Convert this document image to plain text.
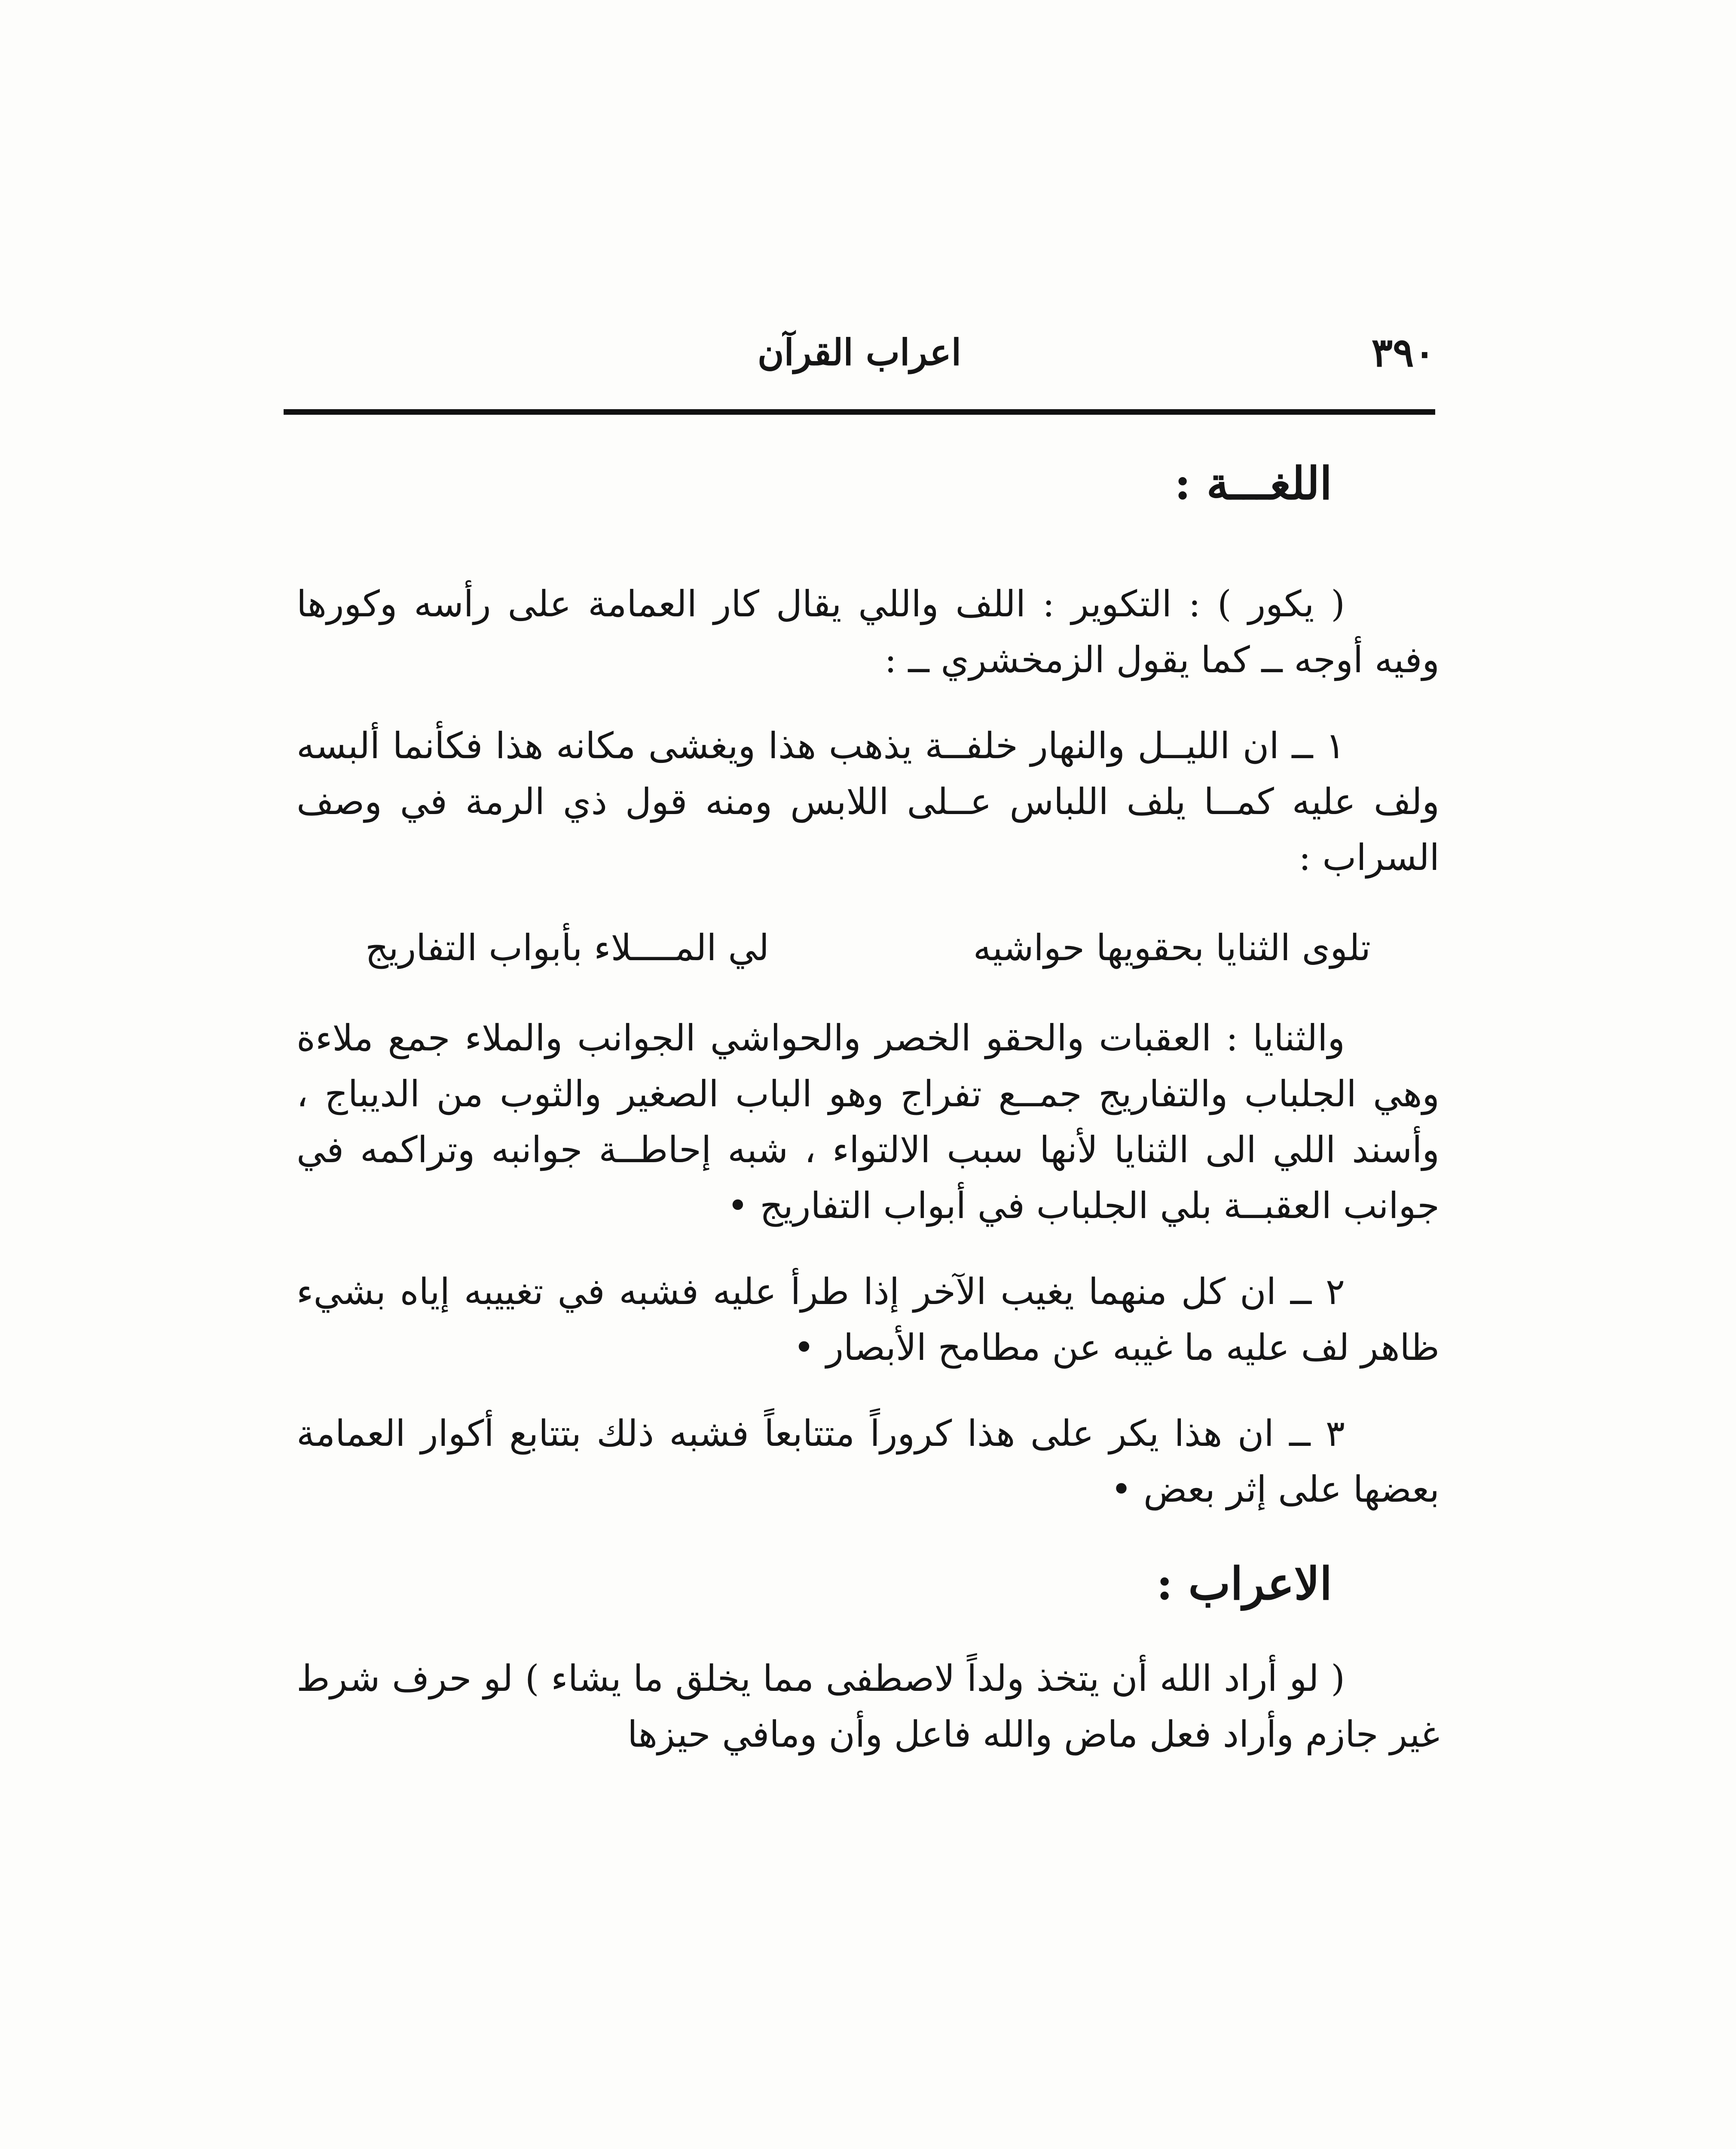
٣٩٠
اعراب القرآن
اللغـــة :

( يكور ) : التكوير : اللف واللي يقال كار العمامة على رأسه وكورها وفيه أوجه ــ كما يقول الزمخشري ــ :

١ ــ ان الليــل والنهار خلفــة يذهب هذا ويغشى مكانه هذا فكأنما ألبسه ولف عليه كمــا يلف اللباس عــلى اللابس ومنه قول ذي الرمة في وصف السراب :

تلوى الثنايا بحقويها حواشيه
لي المــــلاء بأبواب التفاريج

والثنايا : العقبات والحقو الخصر والحواشي الجوانب والملاء جمع ملاءة وهي الجلباب والتفاريج جمــع تفراج وهو الباب الصغير والثوب من الديباج ، وأسند اللي الى الثنايا لأنها سبب الالتواء ، شبه إحاطــة جوانبه وتراكمه في جوانب العقبــة بلي الجلباب في أبواب التفاريج •

٢ ــ ان كل منهما يغيب الآخر إذا طرأ عليه فشبه في تغييبه إياه بشيء ظاهر لف عليه ما غيبه عن مطامح الأبصار •

٣ ــ ان هذا يكر على هذا كروراً متتابعاً فشبه ذلك بتتابع أكوار العمامة بعضها على إثر بعض •

الاعراب :

( لو أراد الله أن يتخذ ولداً لاصطفى مما يخلق ما يشاء ) لو حرف شرط غير جازم وأراد فعل ماض والله فاعل وأن ومافي حيزها
